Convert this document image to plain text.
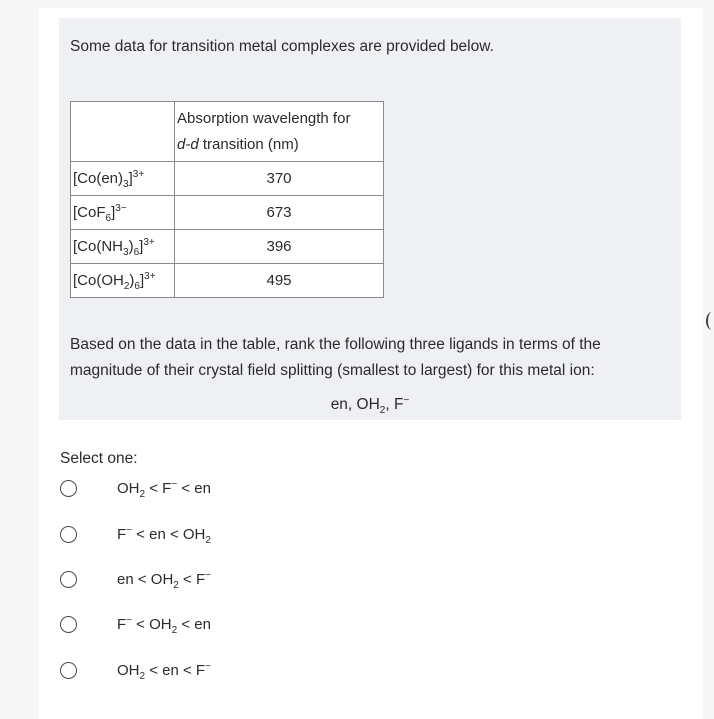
Some data for transition metal complexes are provided below.
	Absorption wavelength for
d-d transition (nm)
$[Co(en)_3]^{3+}$	370
$[CoF_6]^{3-}$	673
$[Co(NH_3)_6]^{3+}$	396
$[Co(OH_2)_6]^{3+}$	495
Based on the data in the table, rank the following three ligands in terms of the magnitude of their crystal field splitting (smallest to largest) for this metal ion:
en, $OH_2$, F−
Select one:
$OH_2 < F^-$ < en
F− < en < $OH_2$
en < $OH_2 < F^-$
$F^- < OH_2$ < en
$OH_2$ < en < F−
